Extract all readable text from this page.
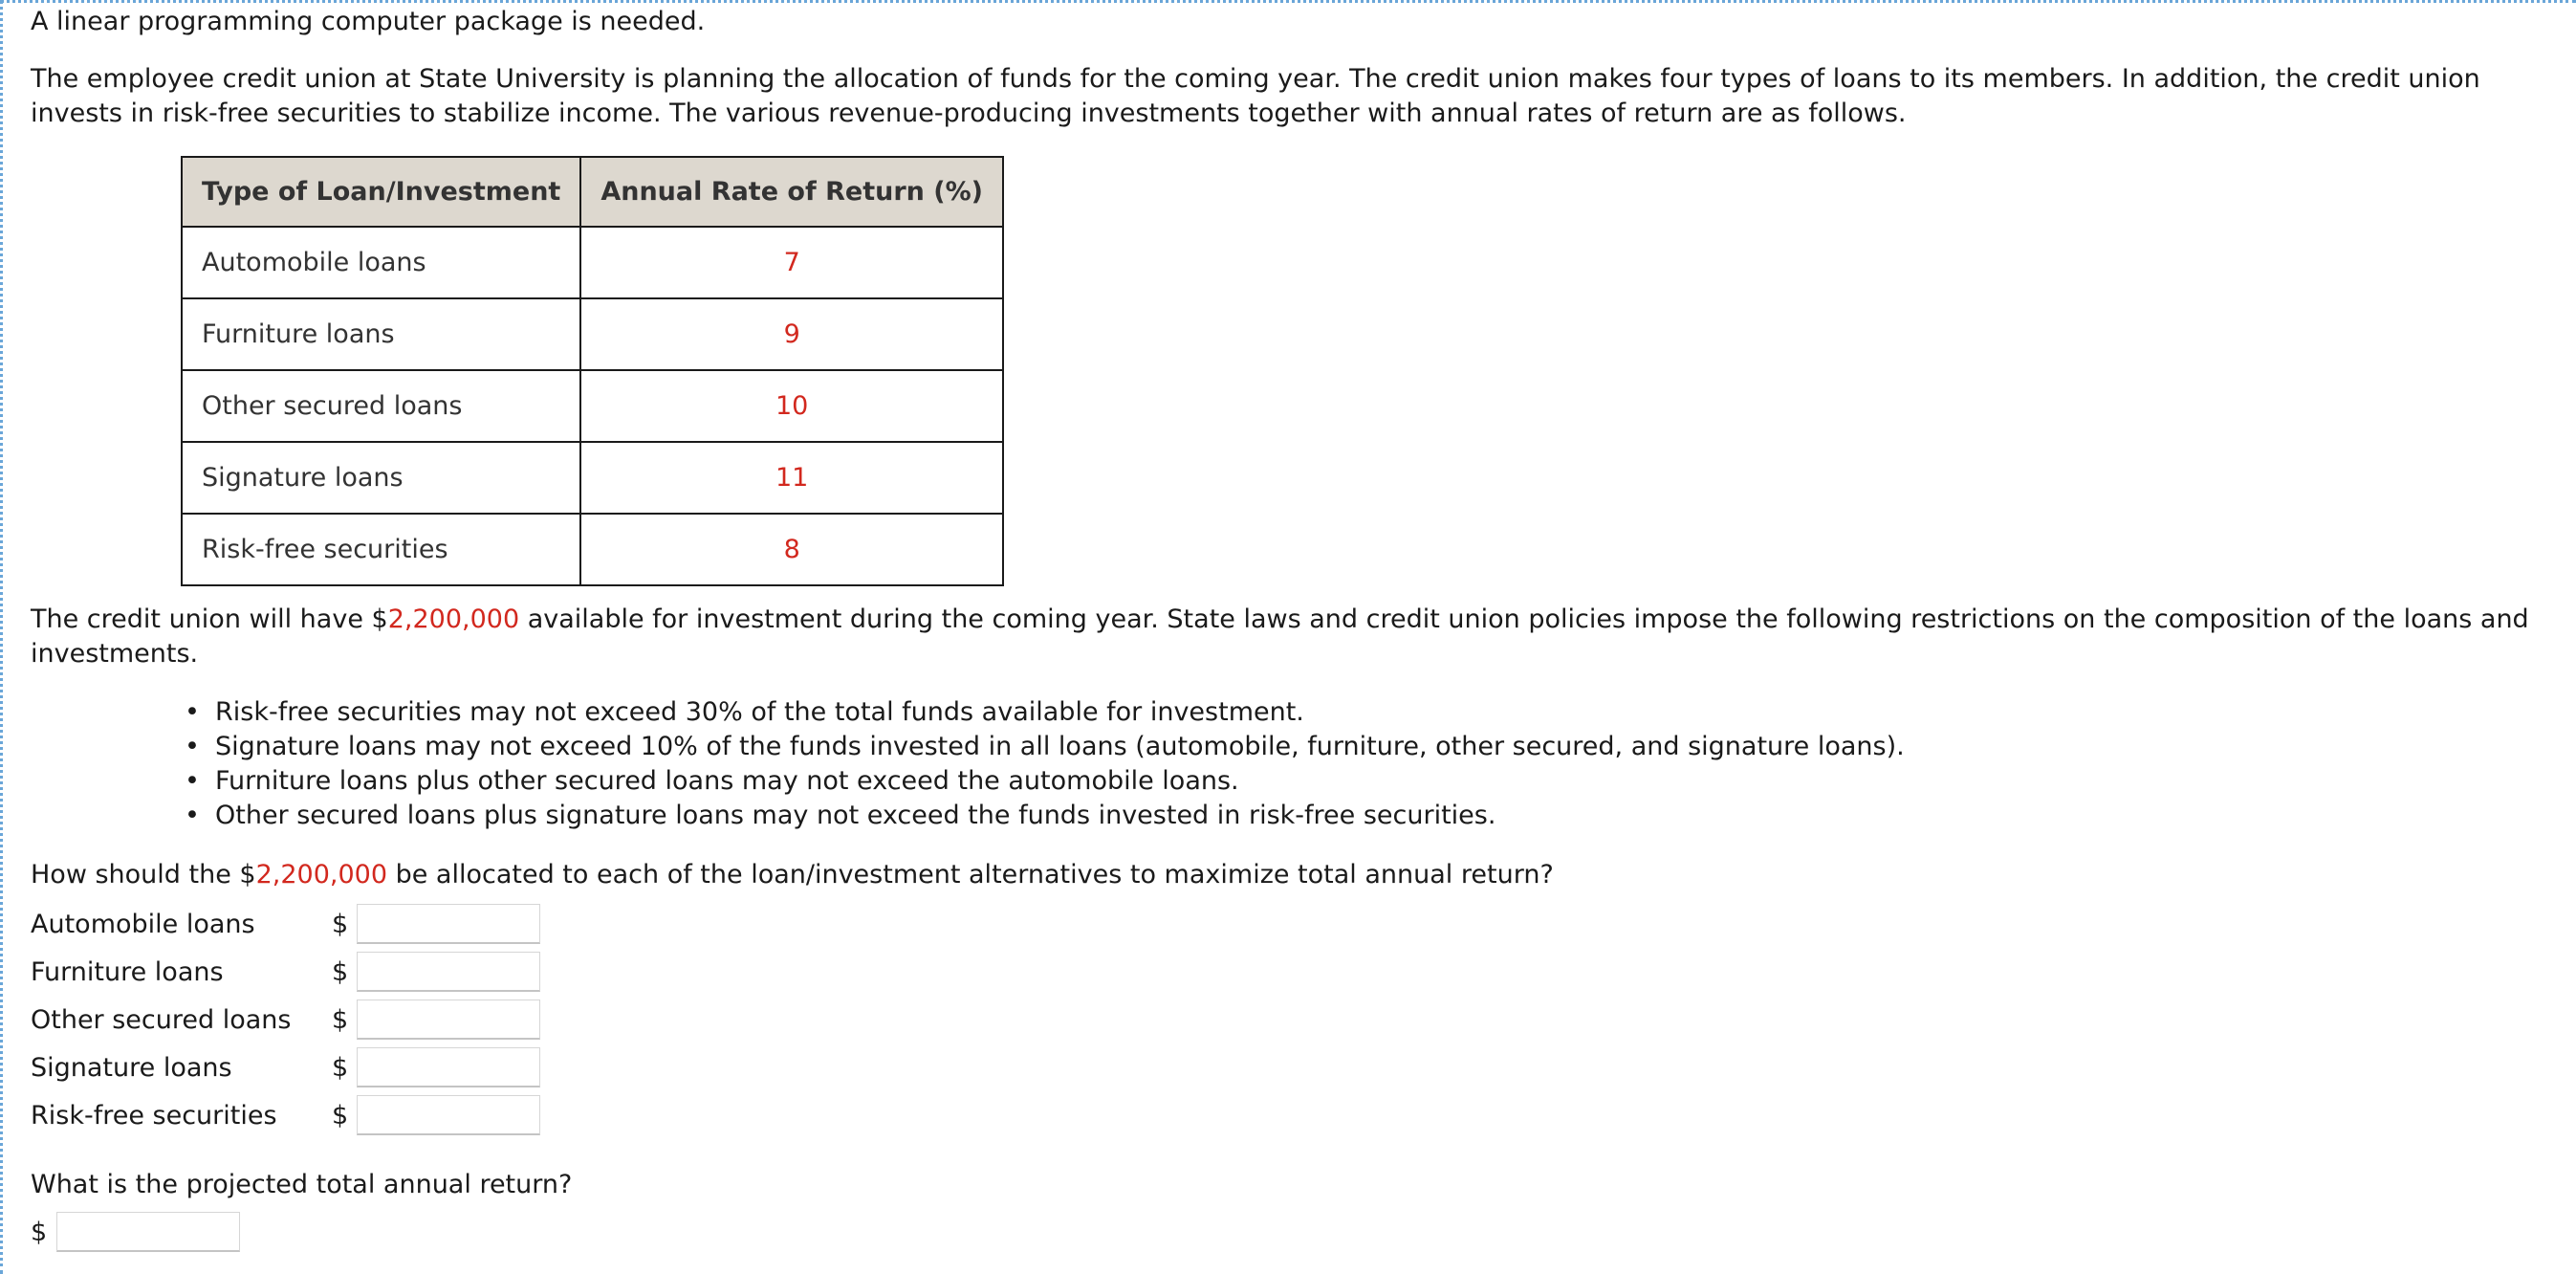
A linear programming computer package is needed.
The employee credit union at State University is planning the allocation of funds for the coming year. The credit union makes four types of loans to its members. In addition, the credit union invests in risk-free securities to stabilize income. The various revenue-producing investments together with annual rates of return are as follows.
Type of Loan/Investment	Annual Rate of Return (%)
Automobile loans	7
Furniture loans	9
Other secured loans	10
Signature loans	11
Risk-free securities	8
The credit union will have $2,200,000 available for investment during the coming year. State laws and credit union policies impose the following restrictions on the composition of the loans and investments.
• Risk-free securities may not exceed 30% of the total funds available for investment.
• Signature loans may not exceed 10% of the funds invested in all loans (automobile, furniture, other secured, and signature loans).
• Furniture loans plus other secured loans may not exceed the automobile loans.
• Other secured loans plus signature loans may not exceed the funds invested in risk-free securities.
How should the $2,200,000 be allocated to each of the loan/investment alternatives to maximize total annual return?
Automobile loans	$
Furniture loans	$
Other secured loans $
Signature loans	$
Risk-free securities $
What is the projected total annual return?
$
